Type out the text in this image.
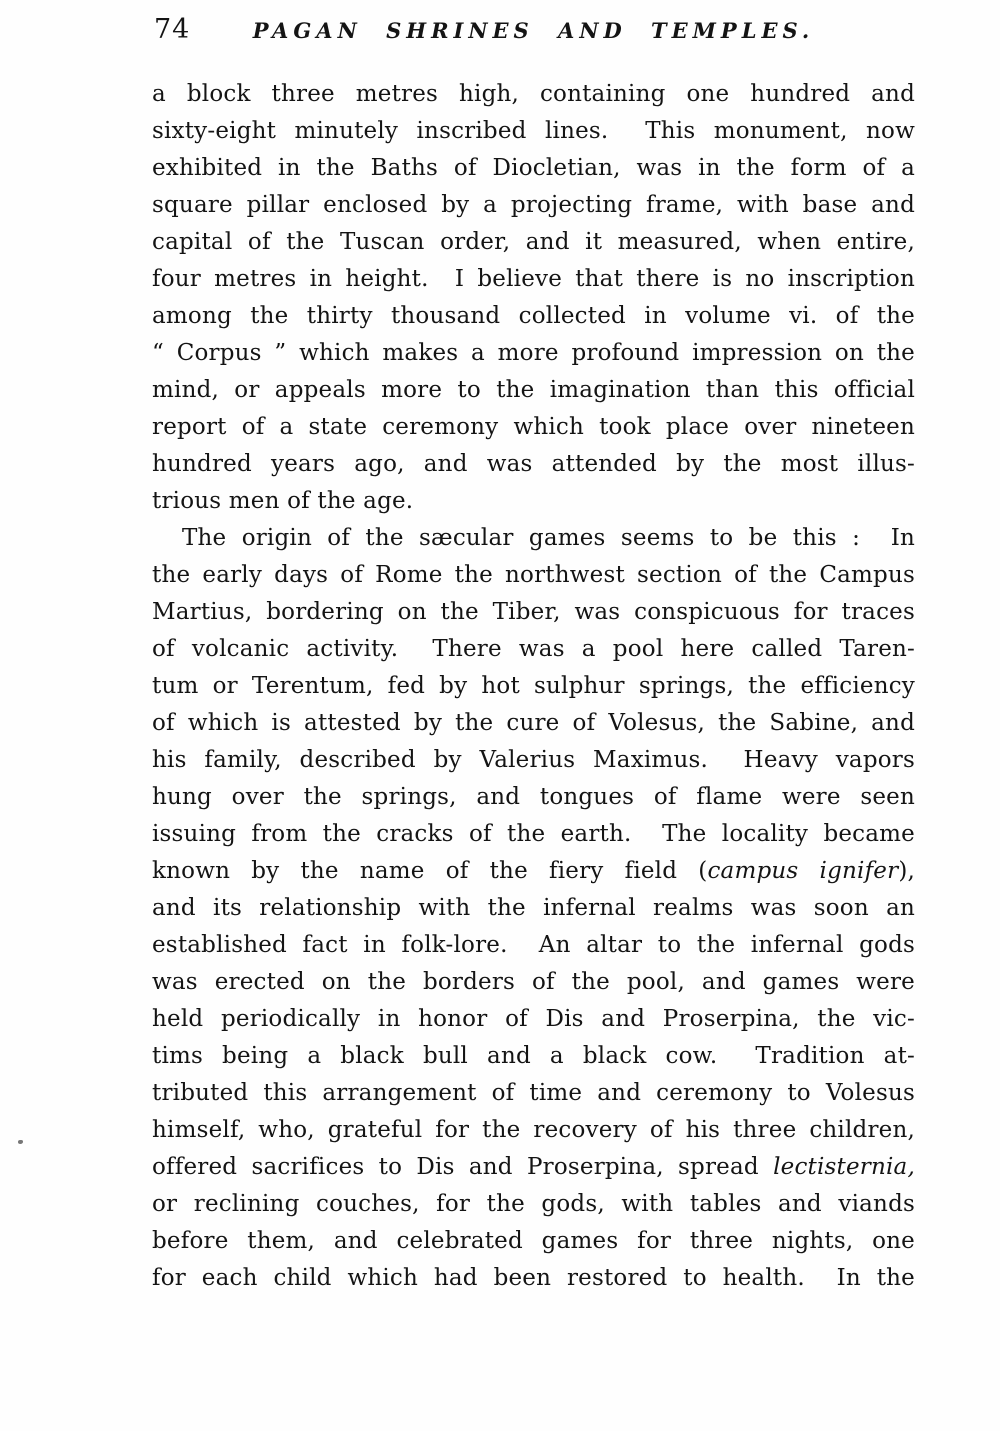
74	PAGAN SHRINES AND TEMPLES.
a block three metres high, containing one hundred and
sixty-eight minutely inscribed lines.  This monument, now
exhibited in the Baths of Diocletian, was in the form of a
square pillar enclosed by a projecting frame, with base and
capital of the Tuscan order, and it measured, when entire,
four metres in height.  I believe that there is no inscription
among the thirty thousand collected in volume vi. of the
“ Corpus ” which makes a more profound impression on the
mind, or appeals more to the imagination than this official
report of a state ceremony which took place over nineteen
hundred years ago, and was attended by the most illus-
trious men of the age.
The origin of the sæcular games seems to be this :  In
the early days of Rome the northwest section of the Campus
Martius, bordering on the Tiber, was conspicuous for traces
of volcanic activity.  There was a pool here called Taren-
tum or Terentum, fed by hot sulphur springs, the efficiency
of which is attested by the cure of Volesus, the Sabine, and
his family, described by Valerius Maximus.  Heavy vapors
hung over the springs, and tongues of flame were seen
issuing from the cracks of the earth.  The locality became
known by the name of the fiery field (campus ignifer),
and its relationship with the infernal realms was soon an
established fact in folk-lore.  An altar to the infernal gods
was erected on the borders of the pool, and games were
held periodically in honor of Dis and Proserpina, the vic-
tims being a black bull and a black cow.  Tradition at-
tributed this arrangement of time and ceremony to Volesus
himself, who, grateful for the recovery of his three children,
offered sacrifices to Dis and Proserpina, spread lectisternia,
or reclining couches, for the gods, with tables and viands
before them, and celebrated games for three nights, one
for each child which had been restored to health.  In the
